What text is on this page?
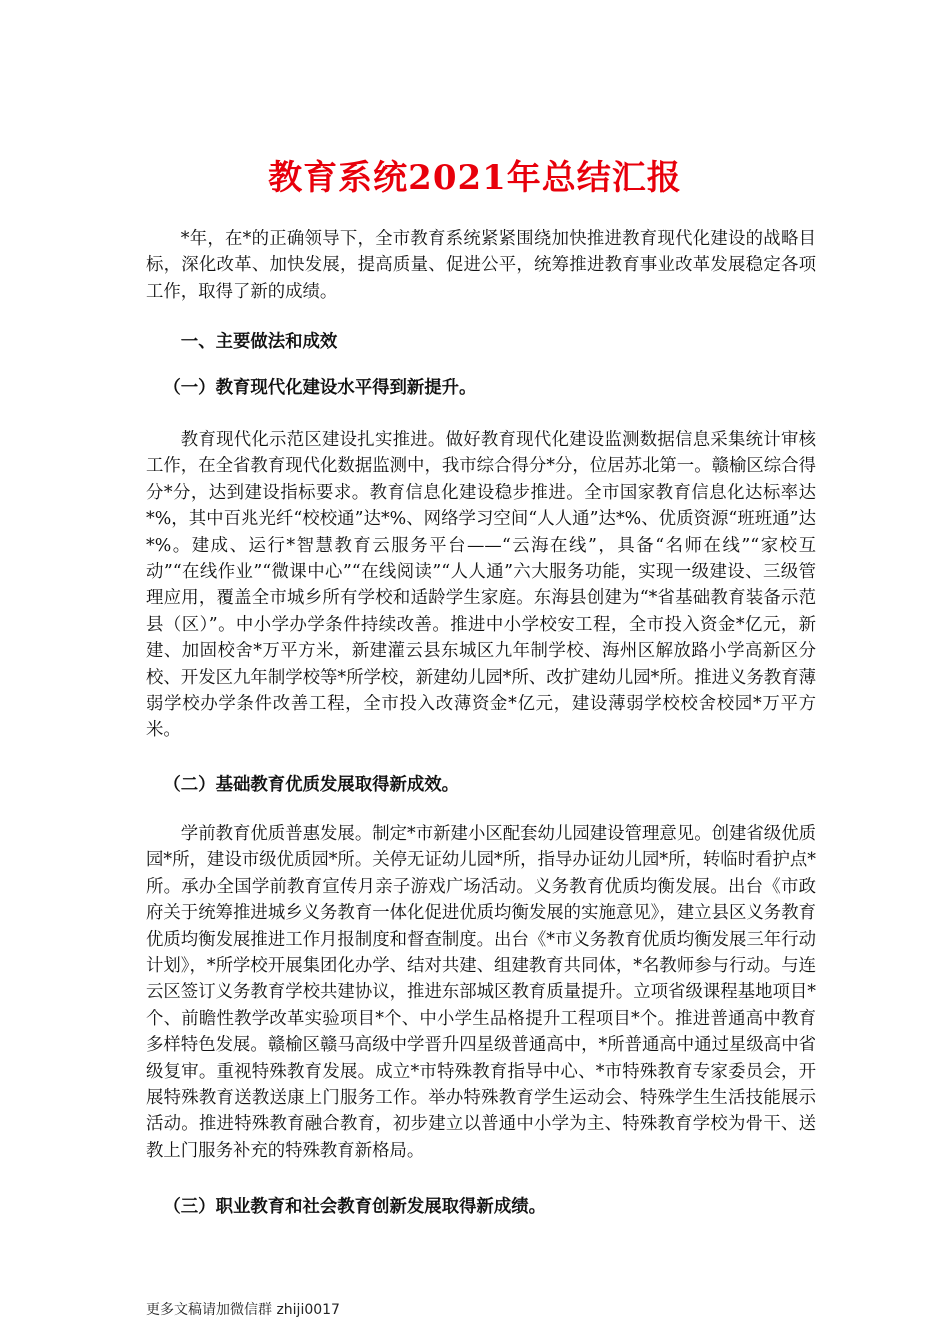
教育系统2021年总结汇报

*年，在*的正确领导下，全市教育系统紧紧围绕加快推进教育现代化建设的战略目标，深化改革、加快发展，提高质量、促进公平，统筹推进教育事业改革发展稳定各项工作，取得了新的成绩。

一、主要做法和成效

（一）教育现代化建设水平得到新提升。

教育现代化示范区建设扎实推进。做好教育现代化建设监测数据信息采集统计审核工作，在全省教育现代化数据监测中，我市综合得分*分，位居苏北第一。赣榆区综合得分*分，达到建设指标要求。教育信息化建设稳步推进。全市国家教育信息化达标率达*%，其中百兆光纤“校校通”达*%、网络学习空间“人人通”达*%、优质资源“班班通”达*%。建成、运行*智慧教育云服务平台——“云海在线”，具备“名师在线”“家校互动”“在线作业”“微课中心”“在线阅读”“人人通”六大服务功能，实现一级建设、三级管理应用，覆盖全市城乡所有学校和适龄学生家庭。东海县创建为“*省基础教育装备示范县（区）”。中小学办学条件持续改善。推进中小学校安工程，全市投入资金*亿元，新建、加固校舍*万平方米，新建灌云县东城区九年制学校、海州区解放路小学高新区分校、开发区九年制学校等*所学校，新建幼儿园*所、改扩建幼儿园*所。推进义务教育薄弱学校办学条件改善工程，全市投入改薄资金*亿元，建设薄弱学校校舍校园*万平方米。

（二）基础教育优质发展取得新成效。

学前教育优质普惠发展。制定*市新建小区配套幼儿园建设管理意见。创建省级优质园*所，建设市级优质园*所。关停无证幼儿园*所，指导办证幼儿园*所，转临时看护点*所。承办全国学前教育宣传月亲子游戏广场活动。义务教育优质均衡发展。出台《市政府关于统筹推进城乡义务教育一体化促进优质均衡发展的实施意见》，建立县区义务教育优质均衡发展推进工作月报制度和督查制度。出台《*市义务教育优质均衡发展三年行动计划》，*所学校开展集团化办学、结对共建、组建教育共同体，*名教师参与行动。与连云区签订义务教育学校共建协议，推进东部城区教育质量提升。立项省级课程基地项目*个、前瞻性教学改革实验项目*个、中小学生品格提升工程项目*个。推进普通高中教育多样特色发展。赣榆区赣马高级中学晋升四星级普通高中，*所普通高中通过星级高中省级复审。重视特殊教育发展。成立*市特殊教育指导中心、*市特殊教育专家委员会，开展特殊教育送教送康上门服务工作。举办特殊教育学生运动会、特殊学生生活技能展示活动。推进特殊教育融合教育，初步建立以普通中小学为主、特殊教育学校为骨干、送教上门服务补充的特殊教育新格局。

（三）职业教育和社会教育创新发展取得新成绩。

更多文稿请加微信群 zhiji0017
